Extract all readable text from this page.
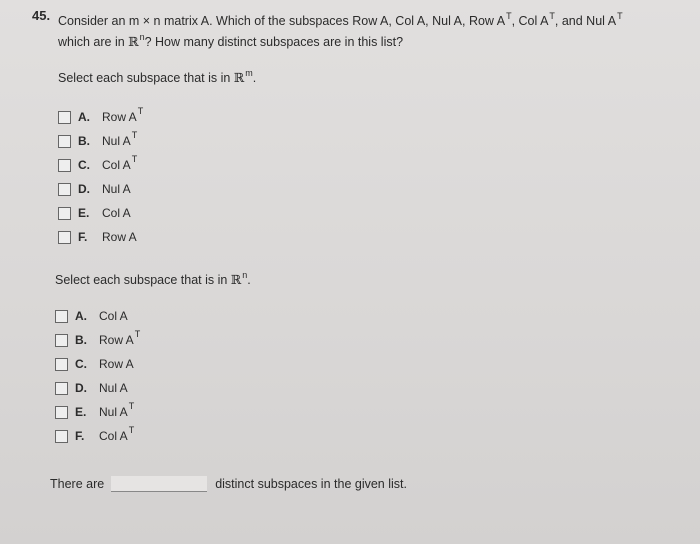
45. Consider an m × n matrix A. Which of the subspaces Row A, Col A, Nul A, Row $A^T$, Col $A^T$, and Nul $A^T$
which are in ℝ$^n$? How many distinct subspaces are in this list?
Select each subspace that is in ℝ$^m$.
A.	Row A T
B.	Nul A T
C.	Col A T
D.	Nul A
E.	Col A
F.	Row A
Select each subspace that is in ℝ$^n$.
A.	Col A
B.	Row A T
C.	Row A
D.	Nul A
E.	Nul A T
F.	Col A T
There are	distinct subspaces in the given list.
